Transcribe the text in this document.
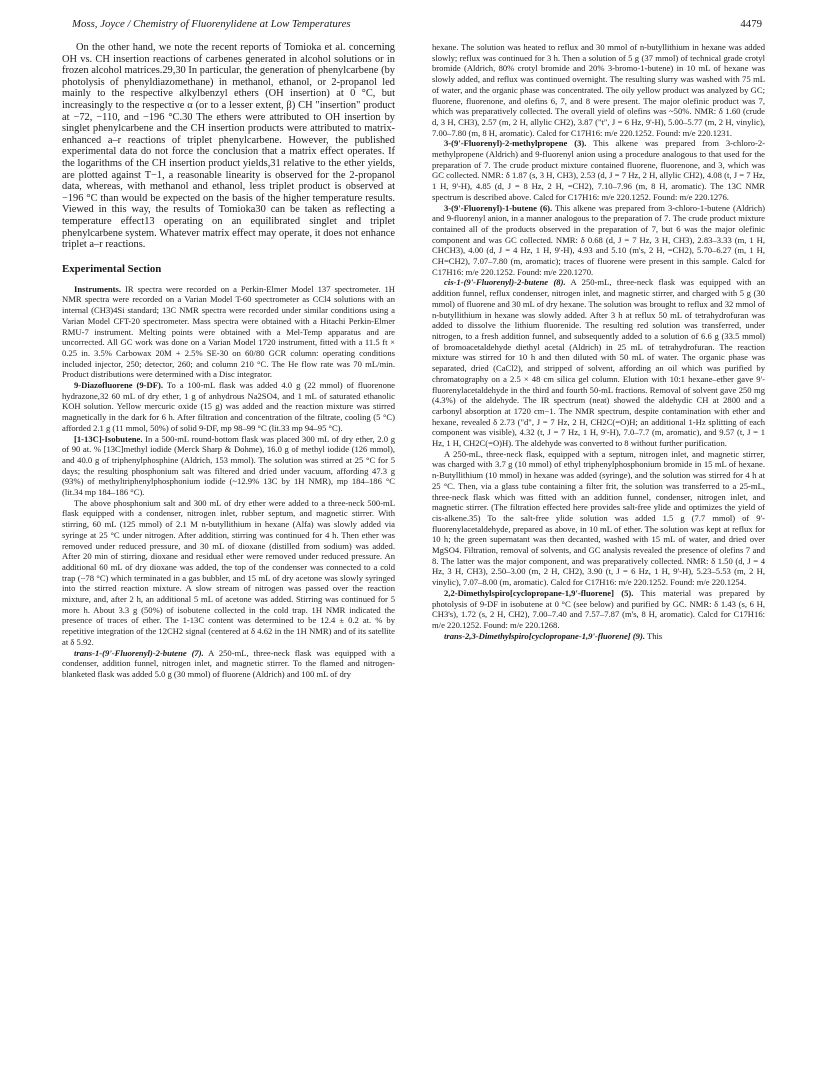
Moss, Joyce / Chemistry of Fluorenylidene at Low Temperatures	4479

On the other hand, we note the recent reports of Tomioka et al. concerning OH vs. CH insertion reactions of carbenes generated in alcohol solutions or in frozen alcohol matrices.29,30 In particular, the generation of phenylcarbene (by photolysis of phenyldiazomethane) in methanol, ethanol, or 2-propanol led mainly to the respective alkylbenzyl ethers (OH insertion) at 0 °C, but increasingly to the respective α (or to a lesser extent, β) CH "insertion" product at −72, −110, and −196 °C.30 The ethers were attributed to OH insertion by singlet phenylcarbene and the CH insertion products were attributed to matrix-enhanced a–r reactions of triplet phenylcarbene. However, the published experimental data do not force the conclusion that a matrix effect operates. If the logarithms of the CH insertion product yields,31 relative to the ether yields, are plotted against T−1, a reasonable linearity is observed for the 2-propanol data, whereas, with methanol and ethanol, less triplet product is observed at −196 °C than would be expected on the basis of the higher temperature results. Viewed in this way, the results of Tomioka30 can be taken as reflecting a temperature effect13 operating on an equilibrated singlet and triplet phenylcarbene system. Whatever matrix effect may operate, it does not enhance triplet a–r reactions.

Experimental Section

Instruments. IR spectra were recorded on a Perkin-Elmer Model 137 spectrometer. 1H NMR spectra were recorded on a Varian Model T-60 spectrometer as CCl4 solutions with an internal (CH3)4Si standard; 13C NMR spectra were recorded under similar conditions using a Varian Model CFT-20 spectrometer. Mass spectra were obtained with a Hitachi Perkin-Elmer RMU-7 instrument. Melting points were obtained with a Mel-Temp apparatus and are uncorrected. All GC work was done on a Varian Model 1720 instrument, fitted with a 11.5 ft × 0.25 in. 3.5% Carbowax 20M + 2.5% SE-30 on 60/80 GCR column: operating conditions included injector, 250; detector, 260; and column 210 °C. The He flow rate was 70 mL/min. Product distributions were determined with a Disc integrator.

9-Diazofluorene (9-DF). To a 100-mL flask was added 4.0 g (22 mmol) of fluorenone hydrazone,32 60 mL of dry ether, 1 g of anhydrous Na2SO4, and 1 mL of saturated ethanolic KOH solution. Yellow mercuric oxide (15 g) was added and the reaction mixture was stirred magnetically in the dark for 6 h. After filtration and concentration of the filtrate, cooling (5 °C) afforded 2.1 g (11 mmol, 50%) of solid 9-DF, mp 98–99 °C (lit.33 mp 94–95 °C).

[1-13C]-Isobutene. In a 500-mL round-bottom flask was placed 300 mL of dry ether, 2.0 g of 90 at. % [13C]methyl iodide (Merck Sharp & Dohme), 16.0 g of methyl iodide (126 mmol), and 40.0 g of triphenylphosphine (Aldrich, 153 mmol). The solution was stirred at 25 °C for 5 days; the resulting phosphonium salt was filtered and dried under vacuum, affording 47.3 g (93%) of methyltriphenylphosphonium iodide (~12.9% 13C by 1H NMR), mp 184–186 °C (lit.34 mp 184–186 °C).

The above phosphonium salt and 300 mL of dry ether were added to a three-neck 500-mL flask equipped with a condenser, nitrogen inlet, rubber septum, and magnetic stirrer. With stirring, 60 mL (125 mmol) of 2.1 M n-butyllithium in hexane (Alfa) was slowly added via syringe at 25 °C under nitrogen. After addition, stirring was continued for 4 h. Then ether was removed under reduced pressure, and 30 mL of dioxane (distilled from sodium) was added. After 20 min of stirring, dioxane and residual ether were removed under reduced pressure. An additional 60 mL of dry dioxane was added, the top of the condenser was connected to a cold trap (−78 °C) which terminated in a gas bubbler, and 15 mL of dry acetone was slowly syringed into the stirred reaction mixture. A slow stream of nitrogen was passed over the reaction mixture, and, after 2 h, an additional 5 mL of acetone was added. Stirring was continued for 5 more h. About 3.3 g (50%) of isobutene collected in the cold trap. 1H NMR indicated the presence of traces of ether. The 1-13C content was determined to be 12.4 ± 0.2 at. % by repetitive integration of the 12CH2 signal (centered at δ 4.62 in the 1H NMR) and of its satellite at δ 5.92.

trans-1-(9'-Fluorenyl)-2-butene (7). A 250-mL, three-neck flask was equipped with a condenser, addition funnel, nitrogen inlet, and magnetic stirrer. To the flamed and nitrogen-blanketed flask was added 5.0 g (30 mmol) of fluorene (Aldrich) and 100 mL of dry

hexane. The solution was heated to reflux and 30 mmol of n-butyllithium in hexane was added slowly; reflux was continued for 3 h. Then a solution of 5 g (37 mmol) of technical grade crotyl bromide (Aldrich, 80% crotyl bromide and 20% 3-bromo-1-butene) in 10 mL of hexane was slowly added, and reflux was continued overnight. The resulting slurry was washed with 75 mL of water, and the organic phase was concentrated. The oily yellow product was analyzed by GC; fluorene, fluorenone, and olefins 6, 7, and 8 were present. The major olefinic product was 7, which was preparatively collected. The overall yield of olefins was ~50%. NMR: δ 1.60 (crude d, 3 H, CH3), 2.57 (m, 2 H, allylic CH2), 3.87 ("t", J = 6 Hz, 9'-H), 5.00–5.77 (m, 2 H, vinylic), 7.00–7.80 (m, 8 H, aromatic). Calcd for C17H16: m/e 220.1252. Found: m/e 220.1231.

3-(9'-Fluorenyl)-2-methylpropene (3). This alkene was prepared from 3-chloro-2-methylpropene (Aldrich) and 9-fluorenyl anion using a procedure analogous to that used for the preparation of 7. The crude product mixture contained fluorene, fluorenone, and 3, which was GC collected. NMR: δ 1.87 (s, 3 H, CH3), 2.53 (d, J = 7 Hz, 2 H, allylic CH2), 4.08 (t, J = 7 Hz, 1 H, 9'-H), 4.85 (d, J = 8 Hz, 2 H, =CH2), 7.10–7.96 (m, 8 H, aromatic). The 13C NMR spectrum is described above. Calcd for C17H16: m/e 220.1252. Found: m/e 220.1276.

3-(9'-Fluorenyl)-1-butene (6). This alkene was prepared from 3-chloro-1-butene (Aldrich) and 9-fluorenyl anion, in a manner analogous to the preparation of 7. The crude product mixture contained all of the products observed in the preparation of 7, but 6 was the major olefinic component and was GC collected. NMR: δ 0.68 (d, J = 7 Hz, 3 H, CH3), 2.83–3.33 (m, 1 H, CHCH3), 4.00 (d, J = 4 Hz, 1 H, 9'-H), 4.93 and 5.10 (m's, 2 H, =CH2), 5.70–6.27 (m, 1 H, CH=CH2), 7.07–7.80 (m, aromatic); traces of fluorene were present in this sample. Calcd for C17H16: m/e 220.1252. Found: m/e 220.1270.

cis-1-(9'-Fluorenyl)-2-butene (8). A 250-mL, three-neck flask was equipped with an addition funnel, reflux condenser, nitrogen inlet, and magnetic stirrer, and charged with 5 g (30 mmol) of fluorene and 30 mL of dry hexane. The solution was brought to reflux and 32 mmol of n-butyllithium in hexane was slowly added. After 3 h at reflux 50 mL of tetrahydrofuran was added to dissolve the lithium fluorenide. The resulting red solution was transferred, under nitrogen, to a fresh addition funnel, and subsequently added to a solution of 6.6 g (33.5 mmol) of bromoacetaldehyde diethyl acetal (Aldrich) in 25 mL of tetrahydrofuran. The reaction mixture was stirred for 10 h and then diluted with 50 mL of water. The organic phase was separated, dried (CaCl2), and stripped of solvent, affording an oil which was purified by chromatography on a 2.5 × 48 cm silica gel column. Elution with 10:1 hexane–ether gave 9'-fluorenylacetaldehyde in the third and fourth 50-mL fractions. Removal of solvent gave 250 mg (4.3%) of the aldehyde. The IR spectrum (neat) showed the aldehydic CH at 2800 and a carbonyl absorption at 1720 cm−1. The NMR spectrum, despite contamination with ether and hexane, revealed δ 2.73 ("d", J = 7 Hz, 2 H, CH2C(=O)H; an additional 1-Hz splitting of each component was visible), 4.32 (t, J = 7 Hz, 1 H, 9'-H), 7.0–7.7 (m, aromatic), and 9.57 (t, J = 1 Hz, 1 H, CH2C(=O)H). The aldehyde was converted to 8 without further purification.

A 250-mL, three-neck flask, equipped with a septum, nitrogen inlet, and magnetic stirrer, was charged with 3.7 g (10 mmol) of ethyl triphenylphosphonium bromide in 15 mL of hexane. n-Butyllithium (10 mmol) in hexane was added (syringe), and the solution was stirred for 4 h at 25 °C. Then, via a glass tube containing a filter frit, the solution was transferred to a 25-mL, three-neck flask which was fitted with an addition funnel, condenser, nitrogen inlet, and magnetic stirrer. (The filtration effected here provides salt-free ylide and optimizes the yield of cis-alkene.35) To the salt-free ylide solution was added 1.5 g (7.7 mmol) of 9'-fluorenylacetaldehyde, prepared as above, in 10 mL of ether. The solution was kept at reflux for 10 h; the green supernatant was then decanted, washed with 15 mL of water, and dried over MgSO4. Filtration, removal of solvents, and GC analysis revealed the presence of olefins 7 and 8. The latter was the major component, and was preparatively collected. NMR: δ 1.50 (d, J = 4 Hz, 3 H, CH3), 2.50–3.00 (m, 2 H, CH2), 3.90 (t, J = 6 Hz, 1 H, 9'-H), 5.23–5.53 (m, 2 H, vinylic), 7.07–8.00 (m, aromatic). Calcd for C17H16: m/e 220.1252. Found: m/e 220.1254.

2,2-Dimethylspiro[cyclopropane-1,9'-fluorene] (5). This material was prepared by photolysis of 9-DF in isobutene at 0 °C (see below) and purified by GC. NMR: δ 1.43 (s, 6 H, CH3's), 1.72 (s, 2 H, CH2), 7.00–7.40 and 7.57–7.87 (m's, 8 H, aromatic). Calcd for C17H16: m/e 220.1252. Found: m/e 220.1268.

trans-2,3-Dimethylspiro[cyclopropane-1,9'-fluorene] (9). This
